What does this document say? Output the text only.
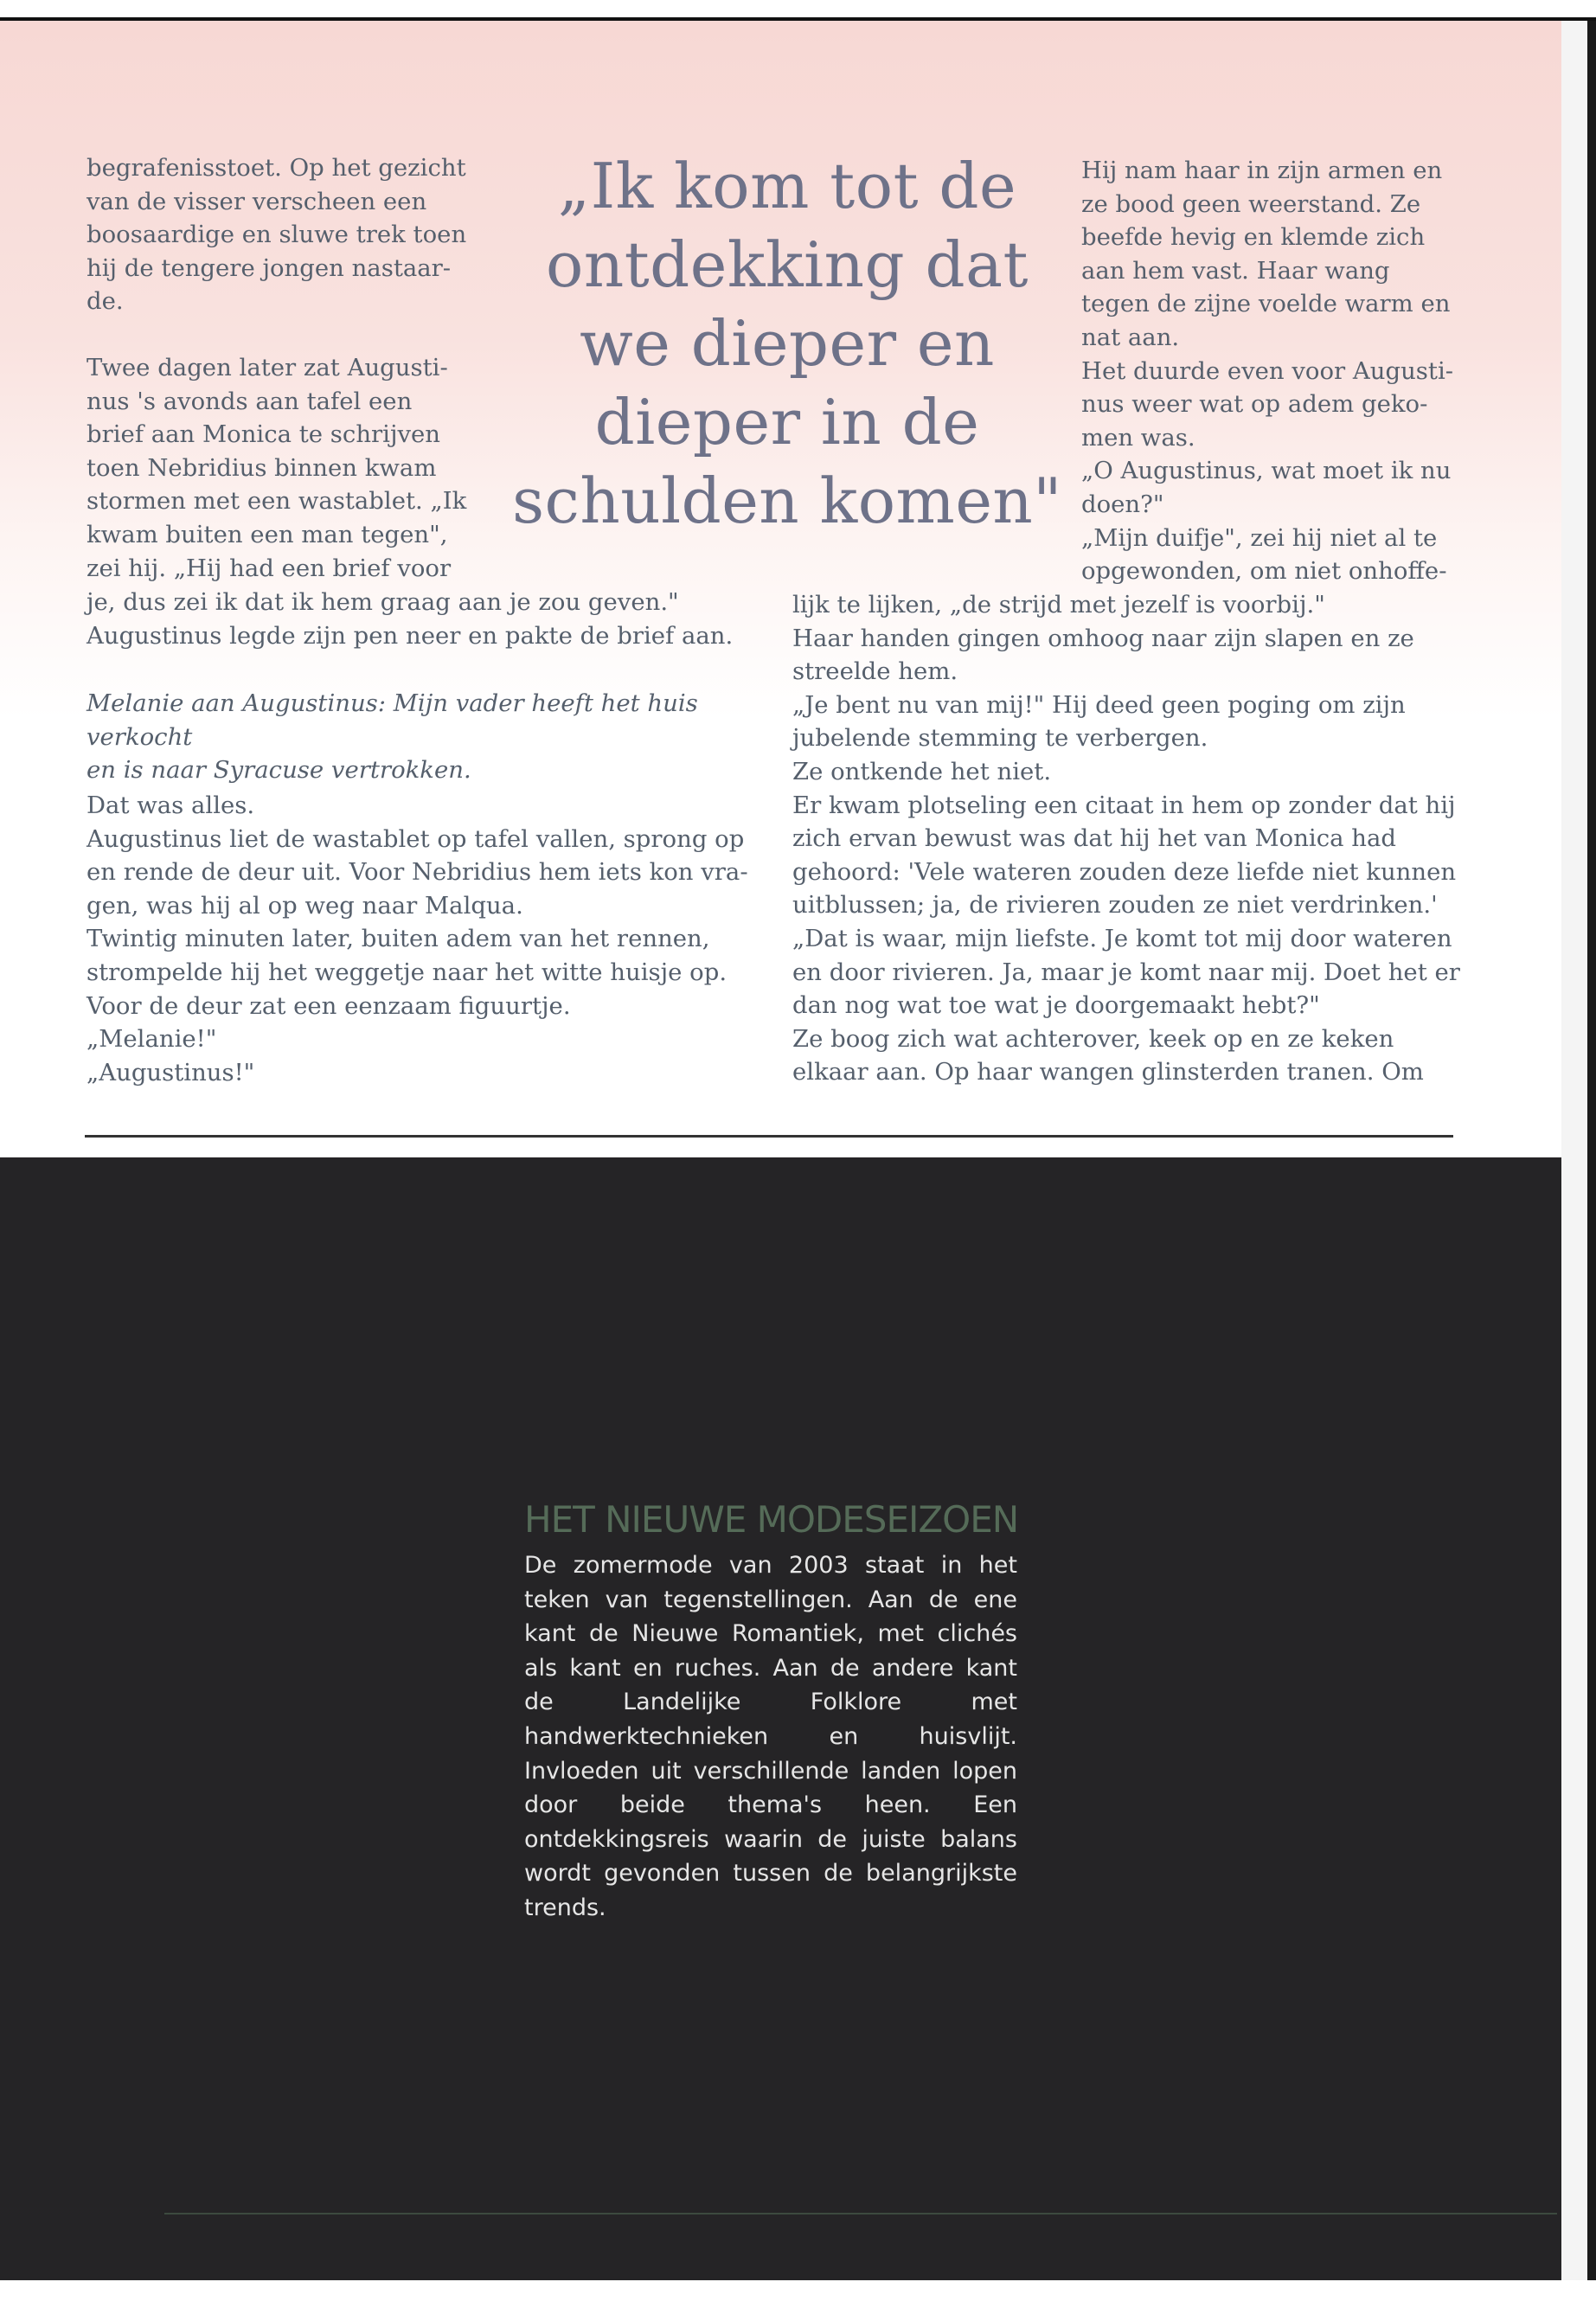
begrafenisstoet. Op het gezicht

van de visser verscheen een

boosaardige en sluwe trek toen

hij de tengere jongen nastaar-

de.

Twee dagen later zat Augusti-

nus 's avonds aan tafel een

brief aan Monica te schrijven

toen Nebridius binnen kwam

stormen met een wastablet. „Ik

kwam buiten een man tegen",

zei hij. „Hij had een brief voor

je, dus zei ik dat ik hem graag aan je zou geven."

Augustinus legde zijn pen neer en pakte de brief aan.

Melanie aan Augustinus: Mijn vader heeft het huis verkocht

en is naar Syracuse vertrokken.

Dat was alles.

Augustinus liet de wastablet op tafel vallen, sprong op

en rende de deur uit. Voor Nebridius hem iets kon vra-

gen, was hij al op weg naar Malqua.

Twintig minuten later, buiten adem van het rennen,

strompelde hij het weggetje naar het witte huisje op.

Voor de deur zat een eenzaam figuurtje.

„Melanie!"

„Augustinus!"

„Ik kom tot de
ontdekking dat
we dieper en
dieper in de
schulden komen"

Hij nam haar in zijn armen en

ze bood geen weerstand. Ze

beefde hevig en klemde zich

aan hem vast. Haar wang

tegen de zijne voelde warm en

nat aan.

Het duurde even voor Augusti-

nus weer wat op adem geko-

men was.

„O Augustinus, wat moet ik nu

doen?"

„Mijn duifje", zei hij niet al te

opgewonden, om niet onhoffe-

lijk te lijken, „de strijd met jezelf is voorbij."

Haar handen gingen omhoog naar zijn slapen en ze

streelde hem.

„Je bent nu van mij!" Hij deed geen poging om zijn

jubelende stemming te verbergen.

Ze ontkende het niet.

Er kwam plotseling een citaat in hem op zonder dat hij

zich ervan bewust was dat hij het van Monica had

gehoord: 'Vele wateren zouden deze liefde niet kunnen

uitblussen; ja, de rivieren zouden ze niet verdrinken.'

„Dat is waar, mijn liefste. Je komt tot mij door wateren

en door rivieren. Ja, maar je komt naar mij. Doet het er

dan nog wat toe wat je doorgemaakt hebt?"

Ze boog zich wat achterover, keek op en ze keken

elkaar aan. Op haar wangen glinsterden tranen. Om

HET NIEUWE MODESEIZOEN
De zomermode van 2003 staat in het teken van tegenstellingen. Aan de ene kant de Nieuwe Romantiek, met clichés als kant en ruches. Aan de andere kant de Landelijke Folklore met handwerktechnieken en huisvlijt. Invloeden uit verschillende landen lopen door beide thema's heen. Een ontdekkingsreis waarin de juiste balans wordt gevonden tussen de belangrijkste trends.
